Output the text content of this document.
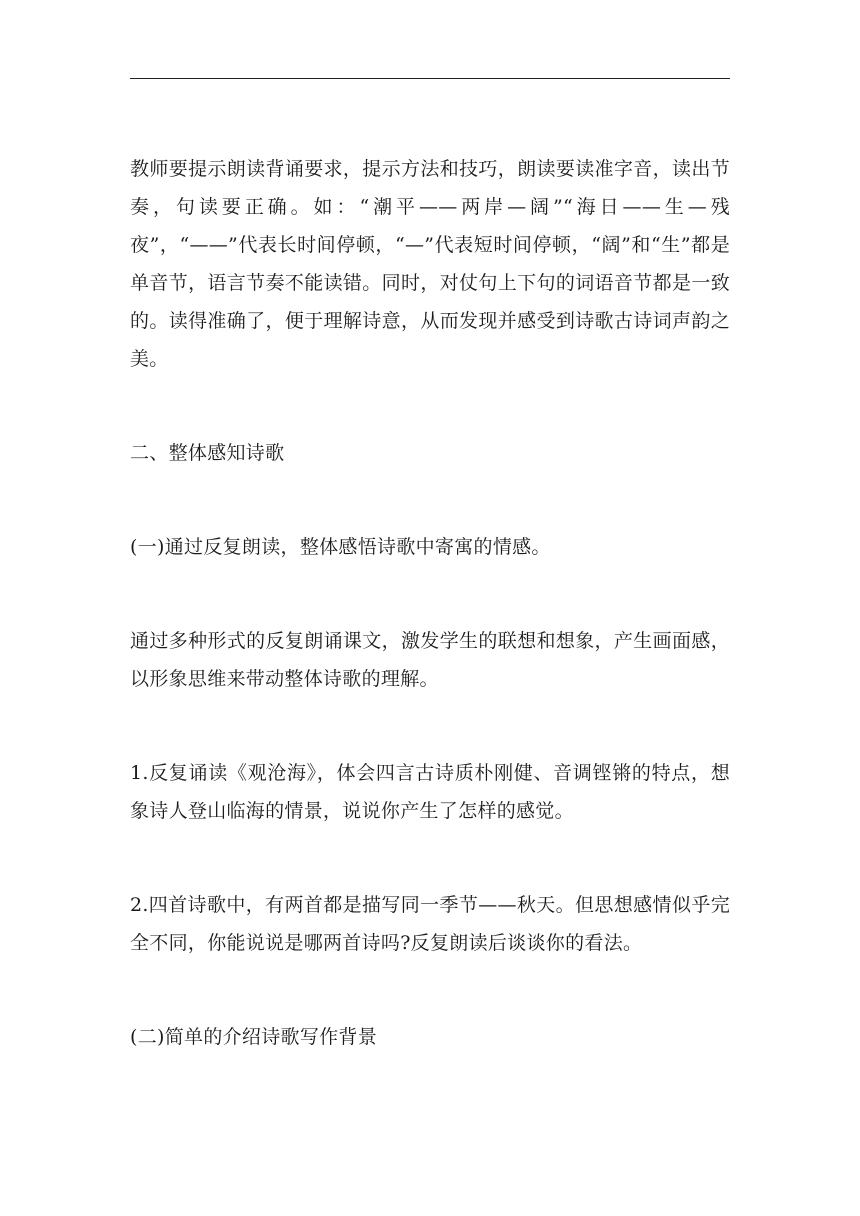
教师要提示朗读背诵要求，提示方法和技巧，朗读要读准字音，读出节奏，句读要正确。如：“潮平——两岸—阔”“海日——生—残夜”，“——”代表长时间停顿，“—”代表短时间停顿，“阔”和“生”都是单音节，语言节奏不能读错。同时，对仗句上下句的词语音节都是一致的。读得准确了，便于理解诗意，从而发现并感受到诗歌古诗词声韵之美。

二、整体感知诗歌

(一)通过反复朗读，整体感悟诗歌中寄寓的情感。

通过多种形式的反复朗诵课文，激发学生的联想和想象，产生画面感，以形象思维来带动整体诗歌的理解。

1.反复诵读《观沧海》，体会四言古诗质朴刚健、音调铿锵的特点，想象诗人登山临海的情景，说说你产生了怎样的感觉。

2.四首诗歌中，有两首都是描写同一季节——秋天。但思想感情似乎完全不同，你能说说是哪两首诗吗?反复朗读后谈谈你的看法。

(二)简单的介绍诗歌写作背景
